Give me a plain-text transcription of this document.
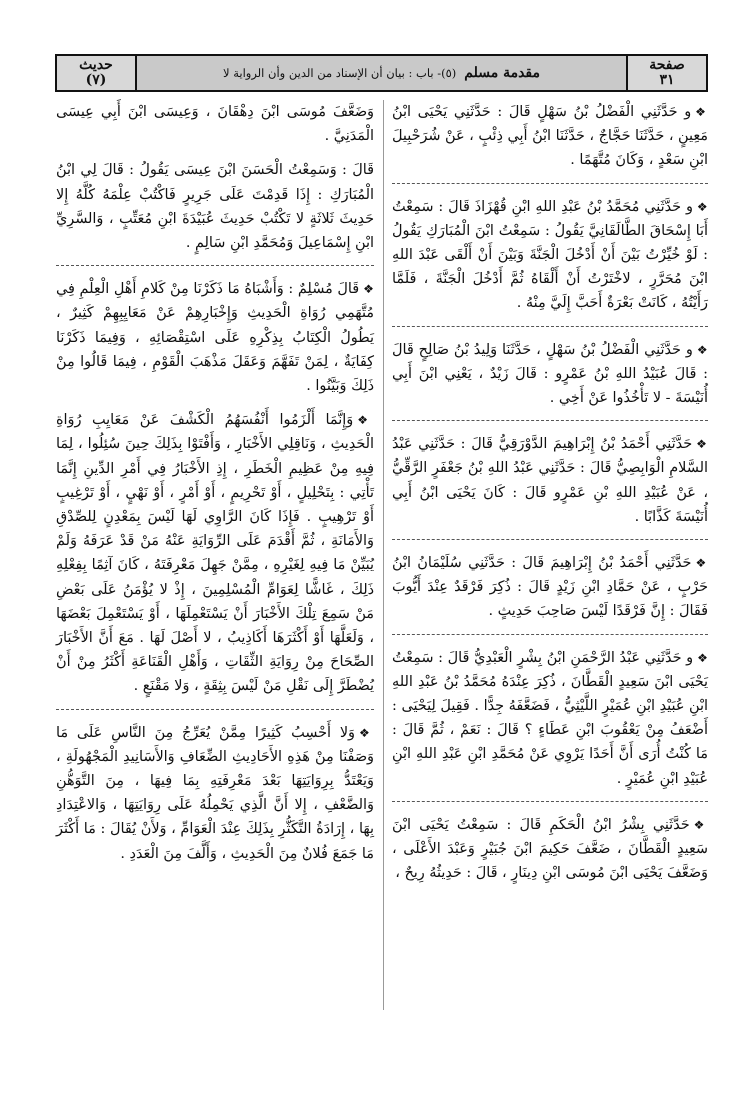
صفحة
٣١
مقدمة مسلم
(٥)- باب : بيان أن الإسناد من الدين وأن الرواية لا
حديث
(٧)

❖و حَدَّثَنِي الْفَضْلُ بْنُ سَهْلٍ قَالَ : حَدَّثَنِي يَحْيَى ابْنُ مَعِينٍ ، حَدَّثَنَا حَجَّاجٌ ، حَدَّثَنَا ابْنُ أَبِي ذِئْبٍ ، عَنْ شُرَحْبِيلَ ابْنِ سَعْدٍ ، وَكَانَ مُتَّهَمًا .

❖و حَدَّثَنِي مُحَمَّدُ بْنُ عَبْدِ اللهِ ابْنِ قُهْزَاذَ قَالَ : سَمِعْتُ أَبَا إِسْحَاقَ الطَّالَقَانِيَّ يَقُولُ : سَمِعْتُ ابْنَ الْمُبَارَكِ يَقُولُ : لَوْ خُيِّرْتُ بَيْنَ أَنْ أَدْخُلَ الْجَنَّةَ وَبَيْنَ أَنْ أَلْقَى عَبْدَ اللهِ ابْنَ مُحَرَّرٍ ، لاخْتَرْتُ أَنْ أَلْقَاهُ ثُمَّ أَدْخُلَ الْجَنَّةَ ، فَلَمَّا رَأَيْتُهُ ، كَانَتْ بَعْرَةٌ أَحَبَّ إِلَيَّ مِنْهُ .

❖و حَدَّثَنِي الْفَضْلُ بْنُ سَهْلٍ ، حَدَّثَنَا وَلِيدُ بْنُ صَالِحٍ قَالَ : قَالَ عُبَيْدُ اللهِ بْنُ عَمْرٍو : قَالَ زَيْدٌ ، يَعْنِي ابْنَ أَبِي أُنَيْسَةَ - لا تَأْخُذُوا عَنْ أَخِي .

❖حَدَّثَنِي أَحْمَدُ بْنُ إِبْرَاهِيمَ الدَّوْرَقِيُّ قَالَ : حَدَّثَنِي عَبْدُ السَّلامِ الْوَابِصِيُّ قَالَ : حَدَّثَنِي عَبْدُ اللهِ بْنُ جَعْفَرٍ الرَّقِّيُّ ، عَنْ عُبَيْدِ اللهِ بْنِ عَمْرٍو قَالَ : كَانَ يَحْيَى ابْنُ أَبِي أُنَيْسَةَ كَذَّابًا .

❖حَدَّثَنِي أَحْمَدُ بْنُ إِبْرَاهِيمَ قَالَ : حَدَّثَنِي سُلَيْمَانُ ابْنُ حَرْبٍ ، عَنْ حَمَّادِ ابْنِ زَيْدٍ قَالَ : ذُكِرَ فَرْقَدٌ عِنْدَ أَيُّوبَ فَقَالَ : إِنَّ فَرْقَدًا لَيْسَ صَاحِبَ حَدِيثٍ .

❖و حَدَّثَنِي عَبْدُ الرَّحْمَنِ ابْنُ بِشْرٍ الْعَبْدِيُّ قَالَ : سَمِعْتُ يَحْيَى ابْنَ سَعِيدٍ الْقَطَّانَ ، ذُكِرَ عِنْدَهُ مُحَمَّدُ بْنُ عَبْدِ اللهِ ابْنِ عُبَيْدِ ابْنِ عُمَيْرٍ اللَّيْثِيُّ ، فَضَعَّفَهُ جِدًّا . فَقِيلَ لِيَحْيَى : أَضْعَفُ مِنْ يَعْقُوبَ ابْنِ عَطَاءٍ ؟ قَالَ : نَعَمْ ، ثُمَّ قَالَ : مَا كُنْتُ أُرَى أَنَّ أَحَدًا يَرْوِي عَنْ مُحَمَّدِ ابْنِ عَبْدِ اللهِ ابْنِ عُبَيْدِ ابْنِ عُمَيْرٍ .

❖حَدَّثَنِي بِشْرُ ابْنُ الْحَكَمِ قَالَ : سَمِعْتُ يَحْيَى ابْنَ سَعِيدٍ الْقَطَّانَ ، ضَعَّفَ حَكِيمَ ابْنَ جُبَيْرٍ وَعَبْدَ الأَعْلَى ، وَضَعَّفَ يَحْيَى ابْنَ مُوسَى ابْنِ دِينَارٍ ، قَالَ : حَدِيثُهُ رِيحٌ ،

وَضَعَّفَ مُوسَى ابْنَ دِهْقَانَ ، وَعِيسَى ابْنَ أَبِي عِيسَى الْمَدَنِيَّ .

قَالَ : وَسَمِعْتُ الْحَسَنَ ابْنَ عِيسَى يَقُولُ : قَالَ لِي ابْنُ الْمُبَارَكِ : إِذَا قَدِمْتَ عَلَى جَرِيرٍ فَاكْتُبْ عِلْمَهُ كُلَّهُ إِلا حَدِيثَ ثَلاثَةٍ لا تَكْتُبْ حَدِيثَ عُبَيْدَةَ ابْنِ مُعَتِّبٍ ، وَالسَّرِيِّ ابْنِ إِسْمَاعِيلَ وَمُحَمَّدِ ابْنِ سَالِمٍ .

❖قَالَ مُسْلِمٌ : وَأَشْبَاهُ مَا ذَكَرْنَا مِنْ كَلامِ أَهْلِ الْعِلْمِ فِي مُتَّهَمِي رُوَاةِ الْحَدِيثِ وَإِخْبَارِهِمْ عَنْ مَعَايِبِهِمْ كَثِيرٌ ، يَطُولُ الْكِتَابُ بِذِكْرِهِ عَلَى اسْتِقْصَائِهِ ، وَفِيمَا ذَكَرْنَا كِفَايَةٌ ، لِمَنْ تَفَهَّمَ وَعَقَلَ مَذْهَبَ الْقَوْمِ ، فِيمَا قَالُوا مِنْ ذَلِكَ وَبَيَّنُوا .

❖وَإِنَّمَا أَلْزَمُوا أَنْفُسَهُمُ الْكَشْفَ عَنْ مَعَايِبِ رُوَاةِ الْحَدِيثِ ، وَنَاقِلِي الأَخْبَارِ ، وَأَفْتَوْا بِذَلِكَ حِينَ سُئِلُوا ، لِمَا فِيهِ مِنْ عَظِيمِ الْخَطَرِ ، إِذِ الأَخْبَارُ فِي أَمْرِ الدِّينِ إِنَّمَا تَأْتِي : بِتَحْلِيلٍ ، أَوْ تَحْرِيمٍ ، أَوْ أَمْرٍ ، أَوْ نَهْيٍ ، أَوْ تَرْغِيبٍ أَوْ تَرْهِيبٍ . فَإِذَا كَانَ الرَّاوِي لَهَا لَيْسَ بِمَعْدِنٍ لِلصِّدْقِ وَالأَمَانَةِ ، ثُمَّ أَقْدَمَ عَلَى الرِّوَايَةِ عَنْهُ مَنْ قَدْ عَرَفَهُ وَلَمْ يُبَيِّنْ مَا فِيهِ لِغَيْرِهِ ، مِمَّنْ جَهِلَ مَعْرِفَتَهُ ، كَانَ آثِمًا بِفِعْلِهِ ذَلِكَ ، غَاشًّا لِعَوَامِّ الْمُسْلِمِينَ ، إِذْ لا يُؤْمَنُ عَلَى بَعْضِ مَنْ سَمِعَ تِلْكَ الأَخْبَارَ أَنْ يَسْتَعْمِلَهَا ، أَوْ يَسْتَعْمِلَ بَعْضَهَا ، وَلَعَلَّهَا أَوْ أَكْثَرَهَا أَكَاذِيبُ ، لا أَصْلَ لَهَا . مَعَ أَنَّ الأَخْبَارَ الصِّحَاحَ مِنْ رِوَايَةِ الثِّقَاتِ ، وَأَهْلِ الْقَنَاعَةِ أَكْثَرُ مِنْ أَنْ يُضْطَرَّ إِلَى نَقْلِ مَنْ لَيْسَ بِثِقَةٍ ، وَلا مَقْنَعٍ .

❖وَلا أَحْسِبُ كَثِيرًا مِمَّنْ يُعَرِّجُ مِنَ النَّاسِ عَلَى مَا وَصَفْنَا مِنْ هَذِهِ الأَحَادِيثِ الضِّعَافِ وَالأَسَانِيدِ الْمَجْهُولَةِ ، وَيَعْتَدُّ بِرِوَايَتِهَا بَعْدَ مَعْرِفَتِهِ بِمَا فِيهَا ، مِنَ التَّوَهُّنِ وَالضَّعْفِ ، إِلا أَنَّ الَّذِي يَحْمِلُهُ عَلَى رِوَايَتِهَا ، وَالاعْتِدَادِ بِهَا ، إِرَادَةُ التَّكَثُّرِ بِذَلِكَ عِنْدَ الْعَوَامِّ ، وَلأَنْ يُقَالَ : مَا أَكْثَرَ مَا جَمَعَ فُلانٌ مِنَ الْحَدِيثِ ، وَأَلَّفَ مِنَ الْعَدَدِ .
